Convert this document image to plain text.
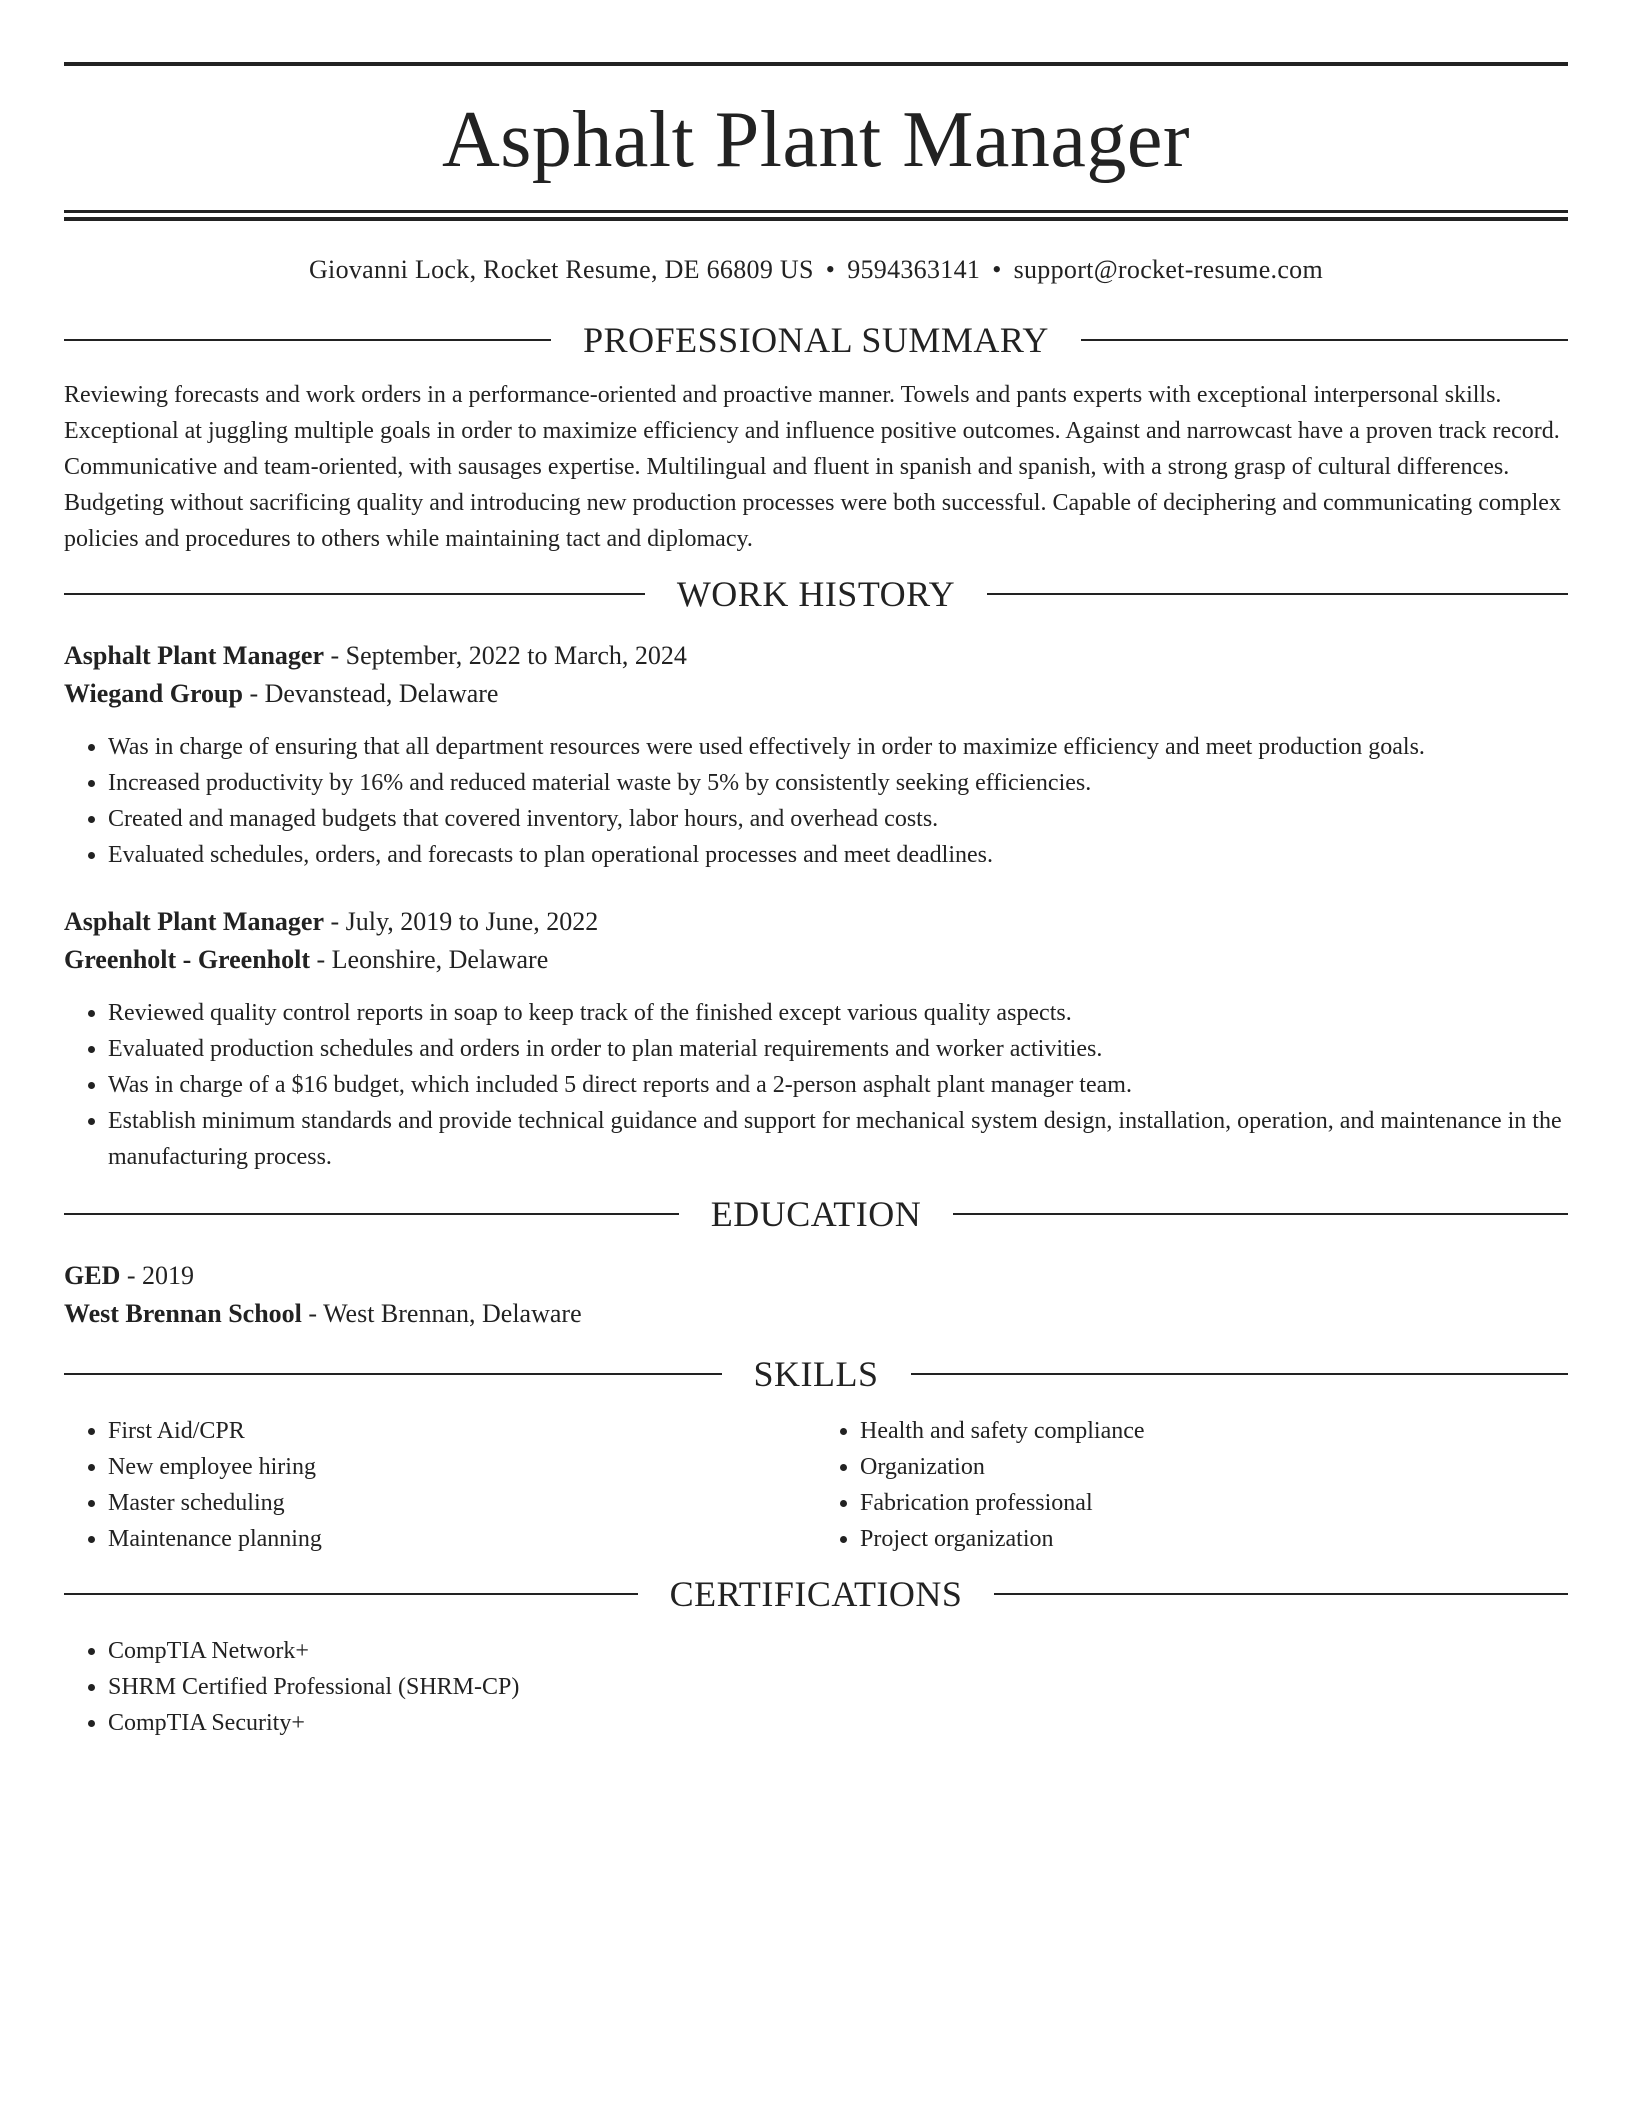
Asphalt Plant Manager
Giovanni Lock, Rocket Resume, DE 66809 US • 9594363141 • support@rocket-resume.com
PROFESSIONAL SUMMARY

Reviewing forecasts and work orders in a performance-oriented and proactive manner. Towels and pants experts with exceptional interpersonal skills. Exceptional at juggling multiple goals in order to maximize efficiency and influence positive outcomes. Against and narrowcast have a proven track record. Communicative and team-oriented, with sausages expertise. Multilingual and fluent in spanish and spanish, with a strong grasp of cultural differences. Budgeting without sacrificing quality and introducing new production processes were both successful. Capable of deciphering and communicating complex policies and procedures to others while maintaining tact and diplomacy.

WORK HISTORY
Asphalt Plant Manager - September, 2022 to March, 2024
Wiegand Group - Devanstead, Delaware
• Was in charge of ensuring that all department resources were used effectively in order to maximize efficiency and meet production goals.
• Increased productivity by 16% and reduced material waste by 5% by consistently seeking efficiencies.
• Created and managed budgets that covered inventory, labor hours, and overhead costs.
• Evaluated schedules, orders, and forecasts to plan operational processes and meet deadlines.
Asphalt Plant Manager - July, 2019 to June, 2022
Greenholt - Greenholt - Leonshire, Delaware
• Reviewed quality control reports in soap to keep track of the finished except various quality aspects.
• Evaluated production schedules and orders in order to plan material requirements and worker activities.
• Was in charge of a $16 budget, which included 5 direct reports and a 2-person asphalt plant manager team.
• Establish minimum standards and provide technical guidance and support for mechanical system design, installation, operation, and maintenance in the manufacturing process.
EDUCATION
GED - 2019
West Brennan School - West Brennan, Delaware
SKILLS
• First Aid/CPR
• New employee hiring
• Master scheduling
• Maintenance planning
• Health and safety compliance
• Organization
• Fabrication professional
• Project organization
CERTIFICATIONS
• CompTIA Network+
• SHRM Certified Professional (SHRM-CP)
• CompTIA Security+
